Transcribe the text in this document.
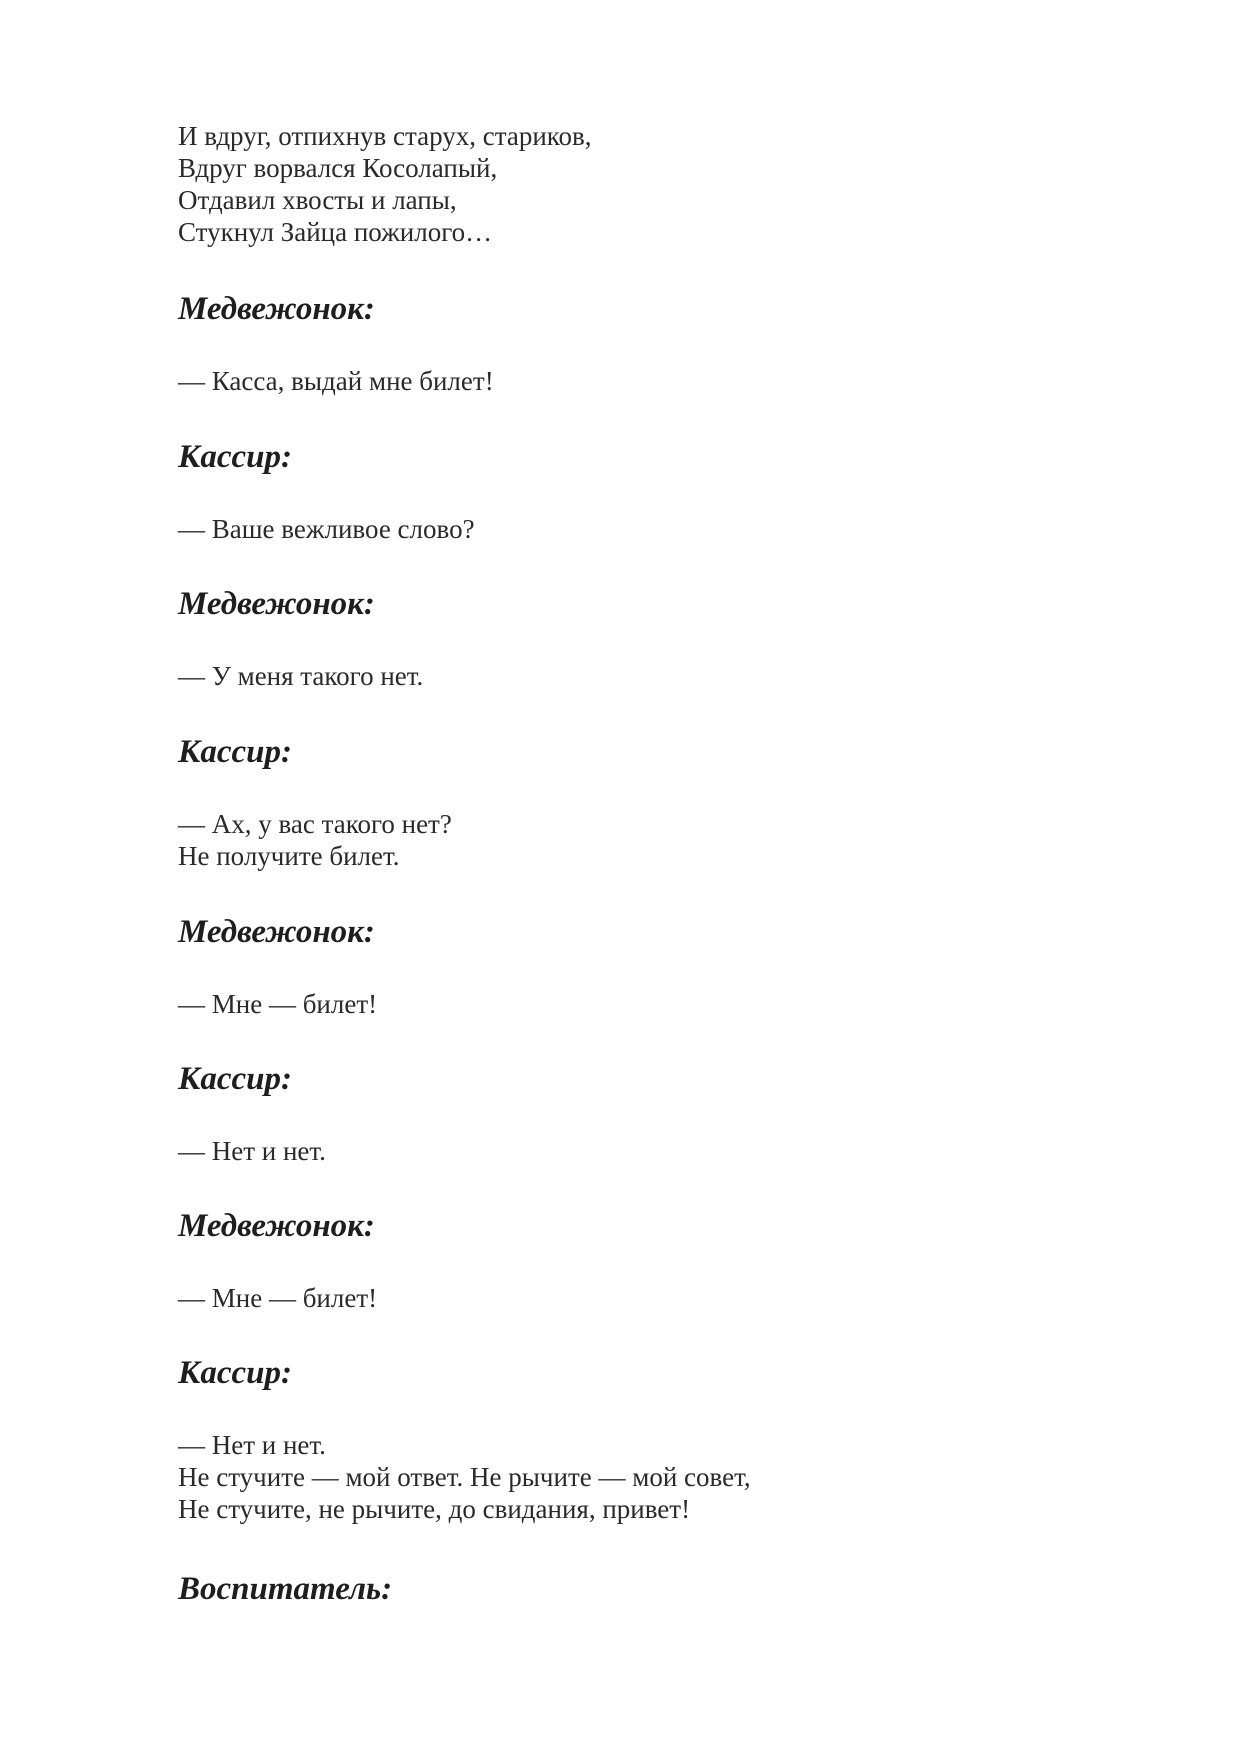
И вдруг, отпихнув старух, стариков,
Вдруг ворвался Косолапый,
Отдавил хвосты и лапы,
Стукнул Зайца пожилого…
Медвежонок:
— Касса, выдай мне билет!
Кассир:
— Ваше вежливое слово?
Медвежонок:
— У меня такого нет.
Кассир:
— Ах, у вас такого нет?
Не получите билет.
Медвежонок:
— Мне — билет!
Кассир:
— Нет и нет.
Медвежонок:
— Мне — билет!
Кассир:
— Нет и нет.
Не стучите — мой ответ. Не рычите — мой совет,
Не стучите, не рычите, до свидания, привет!
Воспитатель:
